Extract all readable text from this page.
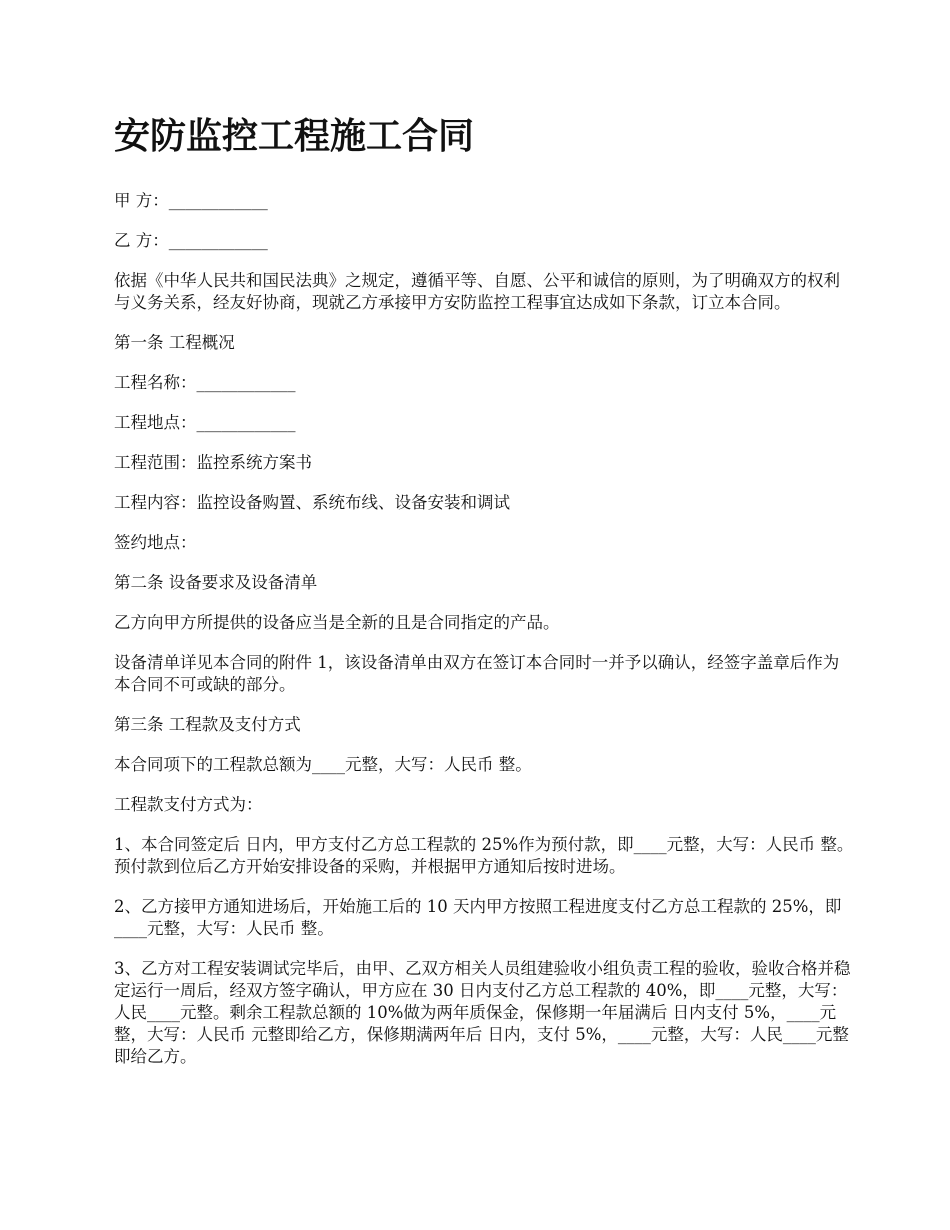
安防监控工程施工合同

甲 方：____________

乙 方：____________

依据《中华人民共和国民法典》之规定，遵循平等、自愿、公平和诚信的原则，为了明确双方的权利与义务关系，经友好协商，现就乙方承接甲方安防监控工程事宜达成如下条款，订立本合同。

第一条 工程概况

工程名称：____________

工程地点：____________

工程范围：监控系统方案书

工程内容：监控设备购置、系统布线、设备安装和调试

签约地点：

第二条 设备要求及设备清单

乙方向甲方所提供的设备应当是全新的且是合同指定的产品。

设备清单详见本合同的附件 1，该设备清单由双方在签订本合同时一并予以确认，经签字盖章后作为本合同不可或缺的部分。

第三条 工程款及支付方式

本合同项下的工程款总额为____元整，大写：人民币 整。

工程款支付方式为：

1、本合同签定后 日内，甲方支付乙方总工程款的 25%作为预付款，即____元整，大写：人民币 整。预付款到位后乙方开始安排设备的采购，并根据甲方通知后按时进场。

2、乙方接甲方通知进场后，开始施工后的 10 天内甲方按照工程进度支付乙方总工程款的 25%，即____元整，大写：人民币 整。

3、乙方对工程安装调试完毕后，由甲、乙双方相关人员组建验收小组负责工程的验收，验收合格并稳定运行一周后，经双方签字确认，甲方应在 30 日内支付乙方总工程款的 40%，即____元整，大写：人民____元整。剩余工程款总额的 10%做为两年质保金，保修期一年届满后 日内支付 5%，____元整，大写：人民币 元整即给乙方，保修期满两年后 日内，支付 5%，____元整，大写：人民____元整即给乙方。
